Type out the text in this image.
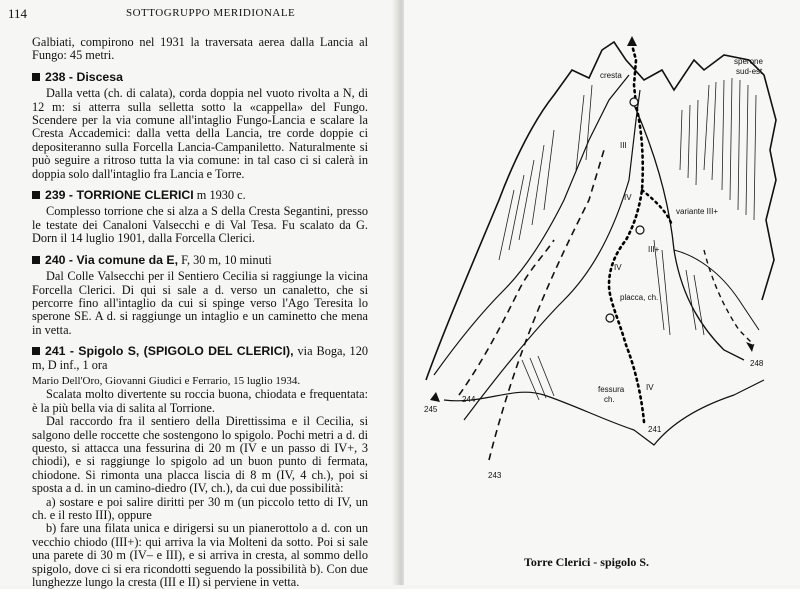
114	SOTTOGRUPPO MERIDIONALE

Galbiati, compirono nel 1931 la traversata aerea dalla Lancia al Fungo: 45 metri.

238 - Discesa

Dalla vetta (ch. di calata), corda doppia nel vuoto rivolta a N, di 12 m: si atterra sulla selletta sotto la «cappella» del Fungo. Scendere per la via comune all'intaglio Fungo-Lancia e scalare la Cresta Accademici: dalla vetta della Lancia, tre corde doppie ci depositeranno sulla Forcella Lancia-Campaniletto. Naturalmente si può seguire a ritroso tutta la via comune: in tal caso ci si calerà in doppia solo dall'intaglio fra Lancia e Torre.

239 - TORRIONE CLERICI m 1930 c.

Complesso torrione che si alza a S della Cresta Segantini, presso le testate dei Canaloni Valsecchi e di Val Tesa. Fu scalato da G. Dorn il 14 luglio 1901, dalla Forcella Clerici.

240 - Via comune da E, F, 30 m, 10 minuti

Dal Colle Valsecchi per il Sentiero Cecilia si raggiunge la vicina Forcella Clerici. Di qui si sale a d. verso un canaletto, che si percorre fino all'intaglio da cui si spinge verso l'Ago Teresita lo sperone SE. A d. si raggiunge un intaglio e un caminetto che mena in vetta.

241 - Spigolo S, (SPIGOLO DEL CLERICI), via Boga, 120 m, D inf., 1 ora

Mario Dell'Oro, Giovanni Giudici e Ferrario, 15 luglio 1934.

Scalata molto divertente su roccia buona, chiodata e frequentata: è la più bella via di salita al Torrione.

Dal raccordo fra il sentiero della Direttissima e il Cecilia, si salgono delle roccette che sostengono lo spigolo. Pochi metri a d. di questo, si attacca una fessurina di 20 m (IV e un passo di IV+, 3 chiodi), e si raggiunge lo spigolo ad un buon punto di fermata, chiodone. Si rimonta una placca liscia di 8 m (IV, 4 ch.), poi si sposta a d. in un camino-diedro (IV, ch.), da cui due possibilità:

a) sostare e poi salire diritti per 30 m (un piccolo tetto di IV, un ch. e il resto III), oppure

b) fare una filata unica e dirigersi su un pianerottolo a d. con un vecchio chiodo (III+): qui arriva la via Molteni da sotto. Poi si sale una parete di 30 m (IV– e III), e si arriva in cresta, al sommo dello spigolo, dove ci si era ricondotti seguendo la possibilità b). Con due lunghezze lungo la cresta (III e II) si perviene in vetta.

cresta
sperone
sud-est
III
IV
variante III+
III+
IV
placca, ch.
fessura
ch.
IV
241
243
244
245
248
Torre Clerici - spigolo S.
